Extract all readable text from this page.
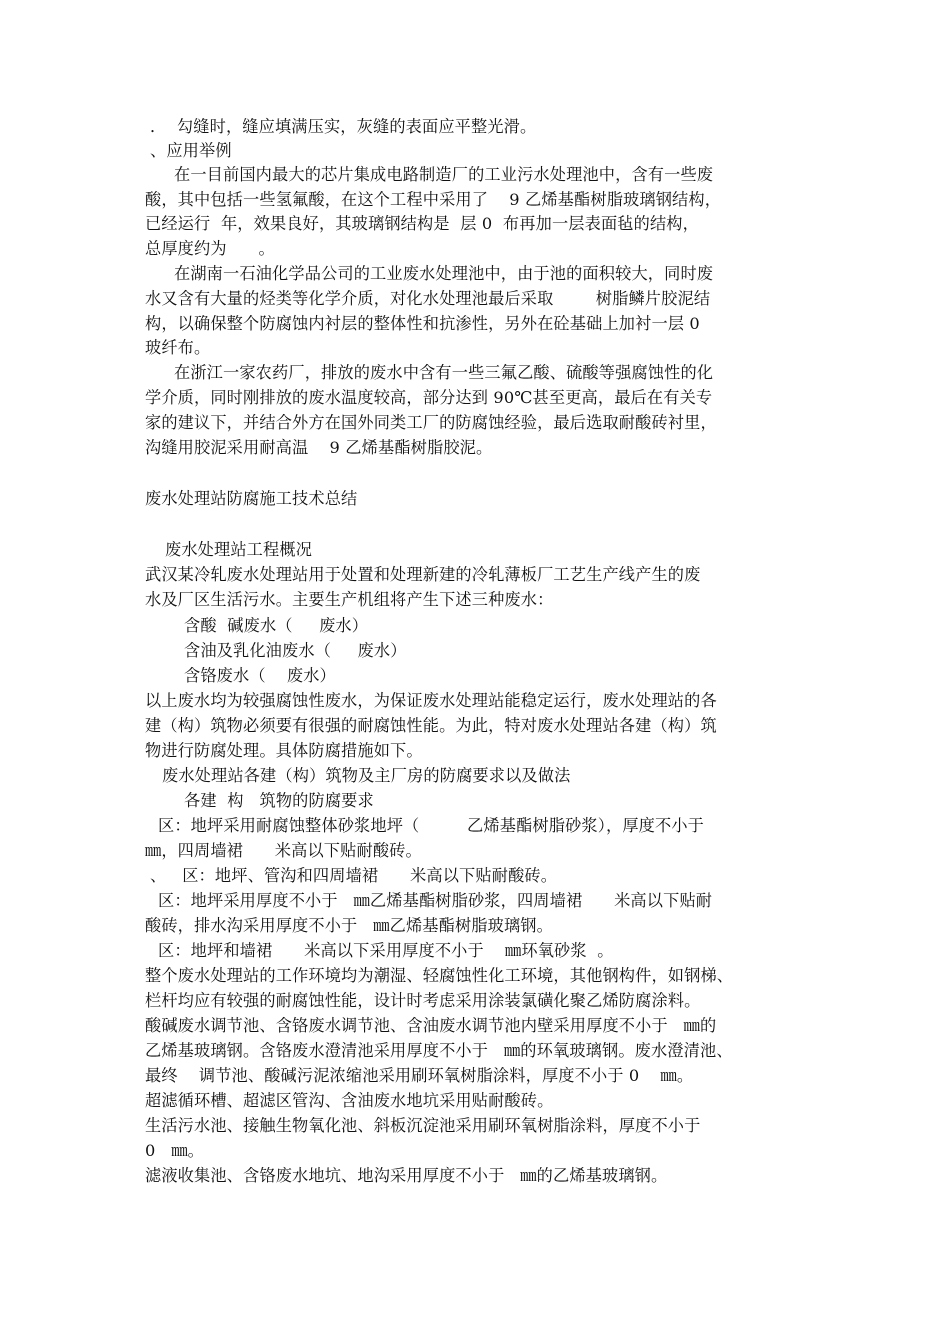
．  勾缝时，缝应填满压实，灰缝的表面应平整光滑。
、应用举例
在一目前国内最大的芯片集成电路制造厂的工业污水处理池中，含有一些废
酸，其中包括一些氢氟酸，在这个工程中采用了    9 乙烯基酯树脂玻璃钢结构，
已经运行  年，效果良好，其玻璃钢结构是  层 0  布再加一层表面毡的结构，
总厚度约为      。
在湖南一石油化学品公司的工业废水处理池中，由于池的面积较大，同时废
水又含有大量的烃类等化学介质，对化水处理池最后采取        树脂鳞片胶泥结
构，以确保整个防腐蚀内衬层的整体性和抗渗性，另外在砼基础上加衬一层 0
玻纤布。
在浙江一家农药厂，排放的废水中含有一些三氟乙酸、硫酸等强腐蚀性的化
学介质，同时刚排放的废水温度较高，部分达到 90℃甚至更高，最后在有关专
家的建议下，并结合外方在国外同类工厂的防腐蚀经验，最后选取耐酸砖衬里，
沟缝用胶泥采用耐高温    9 乙烯基酯树脂胶泥。
废水处理站防腐施工技术总结
废水处理站工程概况
武汉某冷轧废水处理站用于处置和处理新建的冷轧薄板厂工艺生产线产生的废
水及厂区生活污水。主要生产机组将产生下述三种废水：
含酸  碱废水（     废水）
含油及乳化油废水（     废水）
含铬废水（    废水）
以上废水均为较强腐蚀性废水，为保证废水处理站能稳定运行，废水处理站的各
建（构）筑物必须要有很强的耐腐蚀性能。为此，特对废水处理站各建（构）筑
物进行防腐处理。具体防腐措施如下。
废水处理站各建（构）筑物及主厂房的防腐要求以及做法
各建  构   筑物的防腐要求
区：地坪采用耐腐蚀整体砂浆地坪（         乙烯基酯树脂砂浆），厚度不小于
㎜，四周墙裙      米高以下贴耐酸砖。
、   区：地坪、管沟和四周墙裙      米高以下贴耐酸砖。
区：地坪采用厚度不小于   ㎜乙烯基酯树脂砂浆，四周墙裙      米高以下贴耐
酸砖，排水沟采用厚度不小于   ㎜乙烯基酯树脂玻璃钢。
区：地坪和墙裙      米高以下采用厚度不小于    ㎜环氧砂浆  。
整个废水处理站的工作环境均为潮湿、轻腐蚀性化工环境，其他钢构件，如钢梯、
栏杆均应有较强的耐腐蚀性能，设计时考虑采用涂装氯磺化聚乙烯防腐涂料。
酸碱废水调节池、含铬废水调节池、含油废水调节池内壁采用厚度不小于   ㎜的
乙烯基玻璃钢。含铬废水澄清池采用厚度不小于   ㎜的环氧玻璃钢。废水澄清池、
最终    调节池、酸碱污泥浓缩池采用刷环氧树脂涂料，厚度不小于 0    ㎜。
超滤循环槽、超滤区管沟、含油废水地坑采用贴耐酸砖。
生活污水池、接触生物氧化池、斜板沉淀池采用刷环氧树脂涂料，厚度不小于
0   ㎜。
滤液收集池、含铬废水地坑、地沟采用厚度不小于   ㎜的乙烯基玻璃钢。
